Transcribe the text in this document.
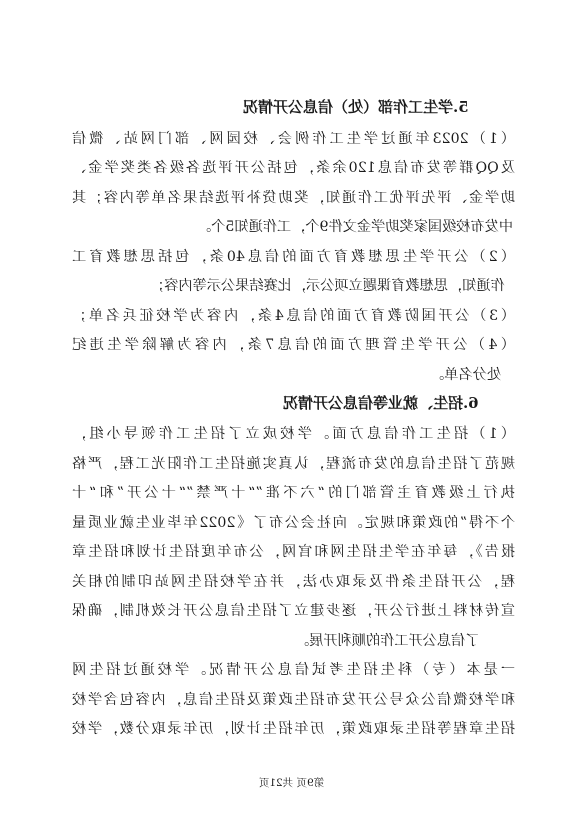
5.学生工作部（处）信息公开情况
（1）2023年通过学生工作例会、校园网、部门网站、微信
及QQ群等发布信息120余条，包括公开评选各级各类奖学金、
助学金、评先评优工作通知，奖助贷补评选结果名单等内容；其
中发布校级国家奖助学金文件9个，工作通知5个。
（2）公开学生思想教育方面的信息40条，包括思想教育工
作通知，思想教育课题立项公示，比赛结果公示等内容；
（3）公开国防教育方面的信息4条，内容为学校征兵名单；
（4）公开学生管理方面的信息7条，内容为解除学生违纪
处分名单。
6.招生、就业等信息公开情况
（1）招生工作信息方面。学校成立了招生工作领导小组，
规范了招生信息的发布流程，认真实施招生工作阳光工程，严格
执行上级教育主管部门的“六不准”“十严禁”“十公开”和“十
个不得”的政策和规定。向社会公布了《2022年毕业生就业质量
报告》，每年在学生招生网和官网，公布年度招生计划和招生章
程，公开招生条件及录取办法，并在学校招生网站印制的相关
宣传材料上进行公开，逐步建立了招生信息公开长效机制，确保
了信息公开工作的顺利开展。
一是本（专）科生招生考试信息公开情况。学校通过招生网
和学校微信公众号公开发布招生政策及招生信息，内容包含学校
招生章程等招生录取政策，历年招生计划，历年录取分数，学校
第9页 共21页
